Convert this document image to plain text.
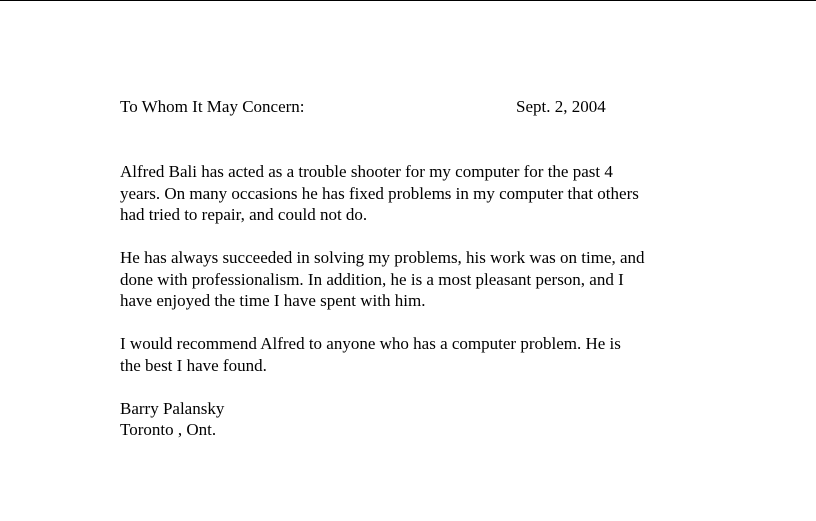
To Whom It May Concern:	Sept. 2, 2004

Alfred Bali has acted as a trouble shooter for my computer for the past 4
years. On many occasions he has fixed problems in my computer that others
had tried to repair, and could not do.

He has always succeeded in solving my problems, his work was on time, and
done with professionalism. In addition, he is a most pleasant person, and I
have enjoyed the time I have spent with him.

I would recommend Alfred to anyone who has a computer problem. He is
the best I have found.

Barry Palansky

Toronto , Ont.
